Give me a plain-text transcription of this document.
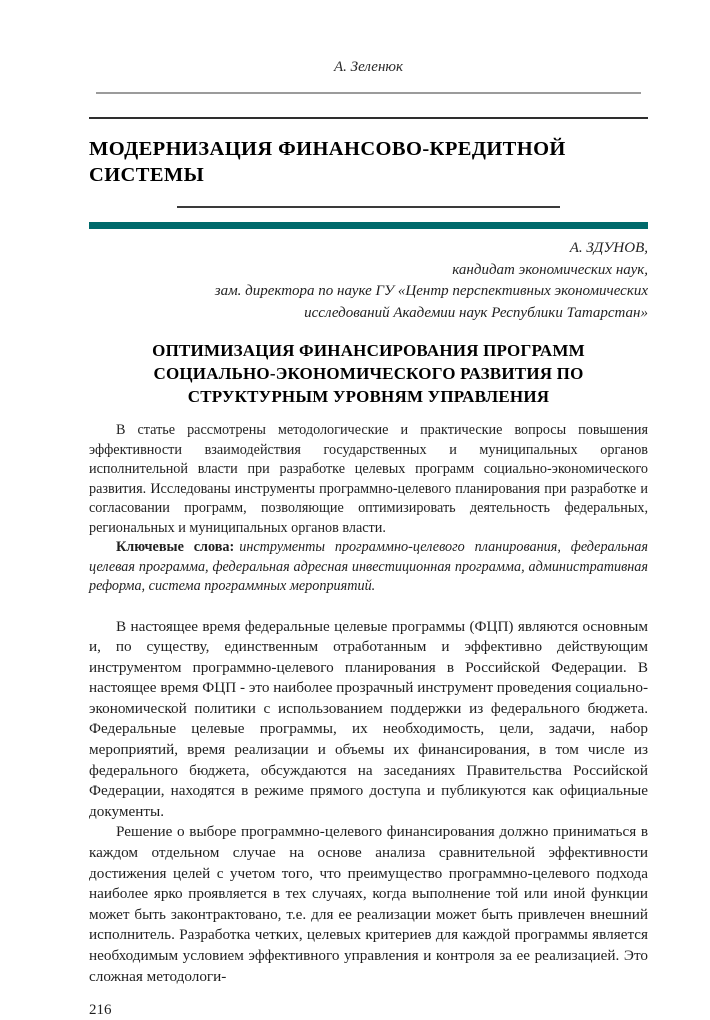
А. Зеленюк
МОДЕРНИЗАЦИЯ ФИНАНСОВО-КРЕДИТНОЙ СИСТЕМЫ
А. ЗДУНОВ,
кандидат экономических наук,
зам. директора по науке ГУ «Центр перспективных экономических
исследований Академии наук Республики Татарстан»
ОПТИМИЗАЦИЯ ФИНАНСИРОВАНИЯ ПРОГРАММ СОЦИАЛЬНО-ЭКОНОМИЧЕСКОГО РАЗВИТИЯ ПО СТРУКТУРНЫМ УРОВНЯМ УПРАВЛЕНИЯ

В статье рассмотрены методологические и практические вопросы повышения эффективности взаимодействия государственных и муниципальных органов исполнительной власти при разработке целевых программ социально-экономического развития. Исследованы инструменты программно-целевого планирования при разработке и согласовании программ, позволяющие оптимизировать деятельность федеральных, региональных и муниципальных органов власти.

Ключевые слова: инструменты программно-целевого планирования, федеральная целевая программа, федеральная адресная инвестиционная программа, административная реформа, система программных мероприятий.

В настоящее время федеральные целевые программы (ФЦП) являются основным и, по существу, единственным отработанным и эффективно действующим инструментом программно-целевого планирования в Российской Федерации. В настоящее время ФЦП - это наиболее прозрачный инструмент проведения социально-экономической политики с использованием поддержки из федерального бюджета. Федеральные целевые программы, их необходимость, цели, задачи, набор мероприятий, время реализации и объемы их финансирования, в том числе из федерального бюджета, обсуждаются на заседаниях Правительства Российской Федерации, находятся в режиме прямого доступа и публикуются как официальные документы.

Решение о выборе программно-целевого финансирования должно приниматься в каждом отдельном случае на основе анализа сравнительной эффективности достижения целей с учетом того, что преимущество программно-целевого подхода наиболее ярко проявляется в тех случаях, когда выполнение той или иной функции может быть законтрактовано, т.е. для ее реализации может быть привлечен внешний исполнитель. Разработка четких, целевых критериев для каждой программы является необходимым условием эффективного управления и контроля за ее реализацией. Это сложная методологи-

216
